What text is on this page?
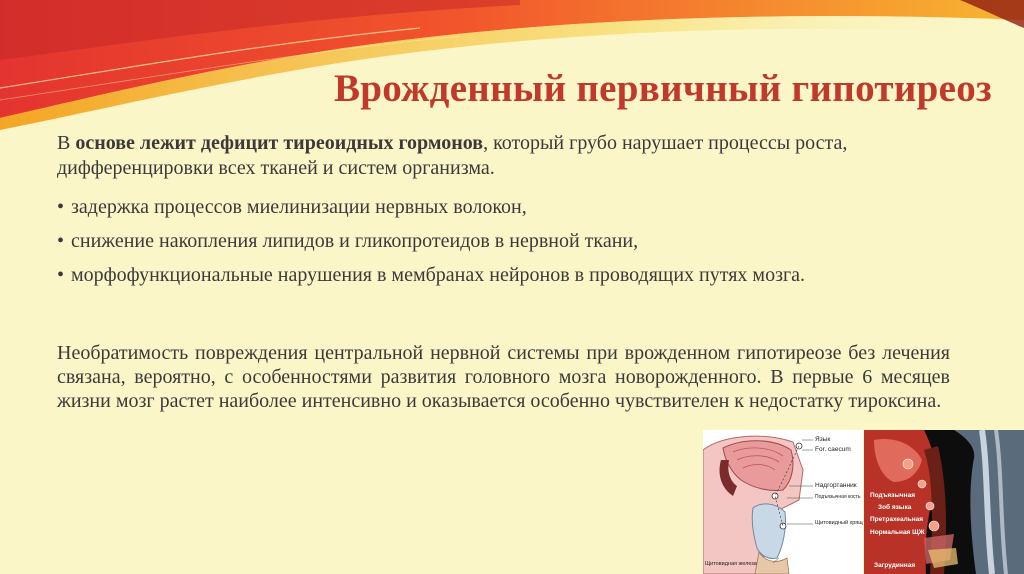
Врожденный первичный гипотиреоз

В основе лежит дефицит тиреоидных гормонов, который грубо нарушает процессы роста, дифференцировки всех тканей и систем организма.

• задержка процессов миелинизации нервных волокон,
• снижение накопления липидов и гликопротеидов в нервной ткани,
• морфофункциональные нарушения в мембранах нейронов в проводящих путях мозга.

Необратимость повреждения центральной нервной системы при врожденном гипотиреозе без лечения связана, вероятно, с особенностями развития головного мозга новорожденного. В первые 6 месяцев жизни мозг растет наиболее интенсивно и оказывается особенно чувствителен к недостатку тироксина.

Язык
For. caecum
Надгортанник
Подъязычная кость
Щитовидный хрящ
Щитовидная железа
Подъязычная
Зоб языка
Претрахеальная
Нормальная ЩЖ
Загрудинная
